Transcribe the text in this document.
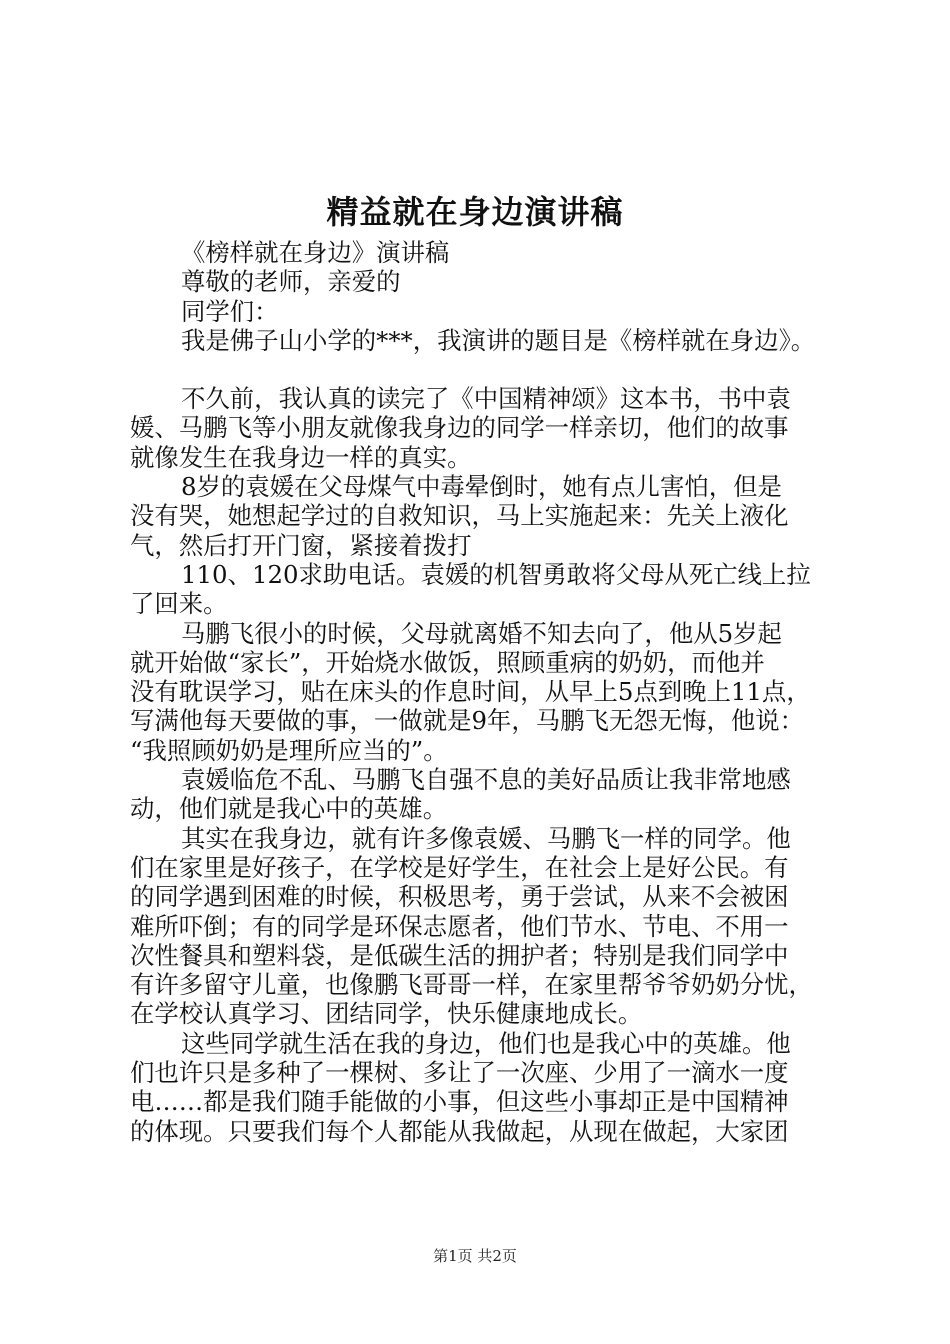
精益就在身边演讲稿

《榜样就在身边》演讲稿

尊敬的老师，亲爱的

同学们：

我是佛子山小学的***，我演讲的题目是《榜样就在身边》。

不久前，我认真的读完了《中国精神颂》这本书，书中袁

媛、马鹏飞等小朋友就像我身边的同学一样亲切，他们的故事

就像发生在我身边一样的真实。

8岁的袁媛在父母煤气中毒晕倒时，她有点儿害怕，但是

没有哭，她想起学过的自救知识，马上实施起来：先关上液化

气，然后打开门窗，紧接着拨打

110、120求助电话。袁媛的机智勇敢将父母从死亡线上拉

了回来。

马鹏飞很小的时候，父母就离婚不知去向了，他从5岁起

就开始做“家长”，开始烧水做饭，照顾重病的奶奶，而他并

没有耽误学习，贴在床头的作息时间，从早上5点到晚上11点，

写满他每天要做的事，一做就是9年，马鹏飞无怨无悔，他说：

“我照顾奶奶是理所应当的”。

袁媛临危不乱、马鹏飞自强不息的美好品质让我非常地感

动，他们就是我心中的英雄。

其实在我身边，就有许多像袁媛、马鹏飞一样的同学。他

们在家里是好孩子，在学校是好学生，在社会上是好公民。有

的同学遇到困难的时候，积极思考，勇于尝试，从来不会被困

难所吓倒；有的同学是环保志愿者，他们节水、节电、不用一

次性餐具和塑料袋，是低碳生活的拥护者；特别是我们同学中

有许多留守儿童，也像鹏飞哥哥一样，在家里帮爷爷奶奶分忧，

在学校认真学习、团结同学，快乐健康地成长。

这些同学就生活在我的身边，他们也是我心中的英雄。他

们也许只是多种了一棵树、多让了一次座、少用了一滴水一度

电……都是我们随手能做的小事，但这些小事却正是中国精神

的体现。只要我们每个人都能从我做起，从现在做起，大家团

第1页 共2页
